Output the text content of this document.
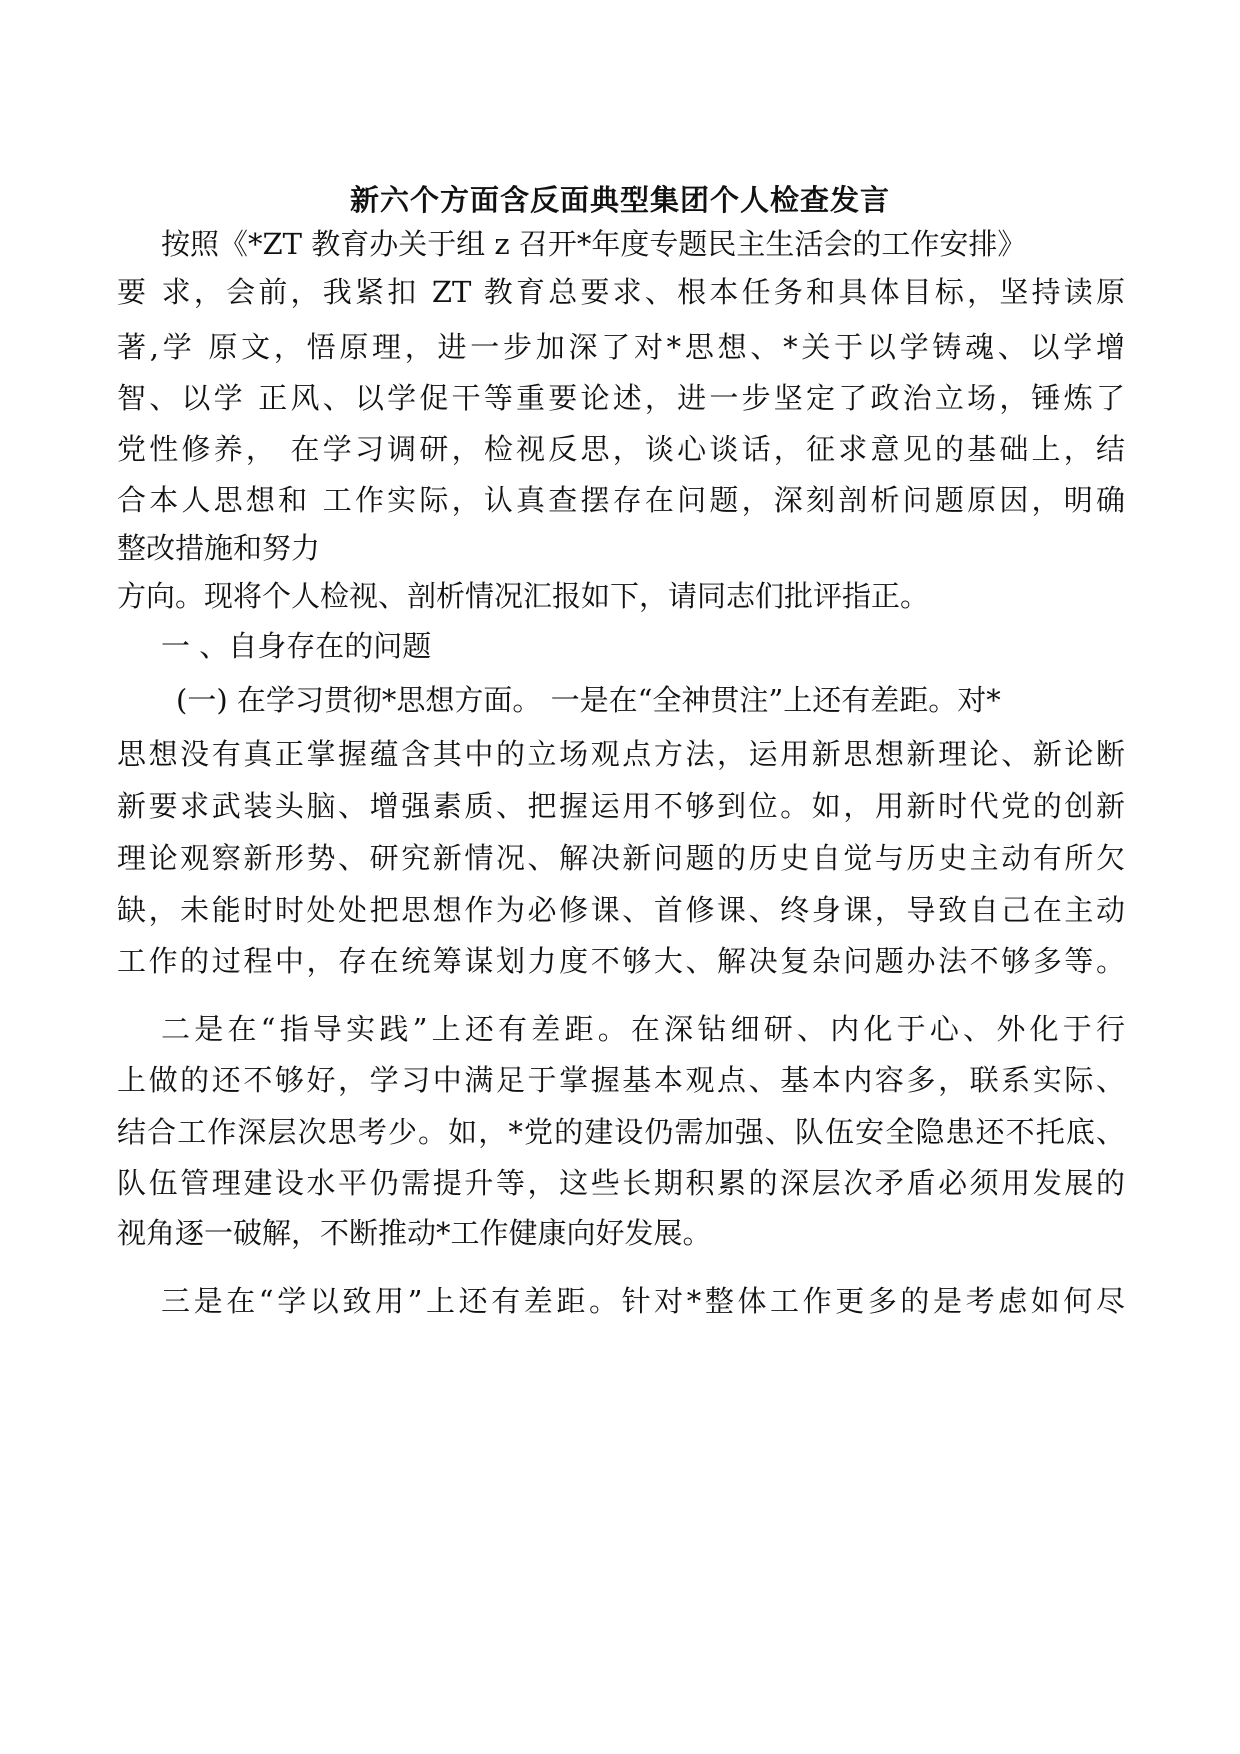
新六个方面含反面典型集团个人检查发言
按照《*ZT 教育办关于组 z 召开*年度专题民主生活会的工作安排》
要 求，会前，我紧扣 ZT 教育总要求、根本任务和具体目标，坚持读原
著,学 原文，悟原理，进一步加深了对*思想、*关于以学铸魂、以学增
智、以学 正风、以学促干等重要论述，进一步坚定了政治立场，锤炼了
党性修养， 在学习调研，检视反思，谈心谈话，征求意见的基础上，结
合本人思想和 工作实际，认真查摆存在问题，深刻剖析问题原因，明确
整改措施和努力
方向。现将个人检视、剖析情况汇报如下，请同志们批评指正。
一 、自身存在的问题
(一) 在学习贯彻*思想方面。 一是在“全神贯注”上还有差距。对*
思想没有真正掌握蕴含其中的立场观点方法，运用新思想新理论、新论断
新要求武装头脑、增强素质、把握运用不够到位。如，用新时代党的创新
理论观察新形势、研究新情况、解决新问题的历史自觉与历史主动有所欠
缺，未能时时处处把思想作为必修课、首修课、终身课，导致自己在主动
工作的过程中，存在统筹谋划力度不够大、解决复杂问题办法不够多等。
二是在“指导实践”上还有差距。在深钻细研、内化于心、外化于行
上做的还不够好，学习中满足于掌握基本观点、基本内容多，联系实际、
结合工作深层次思考少。如，*党的建设仍需加强、队伍安全隐患还不托底、
队伍管理建设水平仍需提升等，这些长期积累的深层次矛盾必须用发展的
视角逐一破解，不断推动*工作健康向好发展。
三是在“学以致用”上还有差距。针对*整体工作更多的是考虑如何尽
